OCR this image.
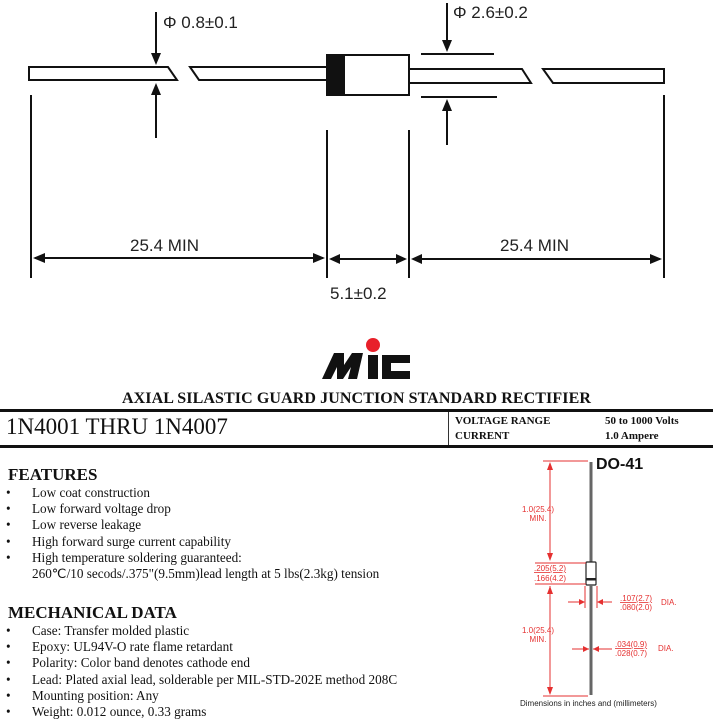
Φ 0.8±0.1
Φ 2.6±0.2
25.4 MIN	25.4 MIN
5.1±0.2
AXIAL SILASTIC GUARD JUNCTION STANDARD RECTIFIER
1N4001 THRU 1N4007	VOLTAGE RANGE	50 to 1000 Volts
CURRENT	1.0 Ampere
FEATURES
• Low coat construction
• Low forward voltage drop
• Low reverse leakage
• High forward surge current capability
• High temperature soldering guaranteed:
260℃/10 secods/.375"(9.5mm)lead length at 5 lbs(2.3kg) tension
MECHANICAL DATA
• Case: Transfer molded plastic
• Epoxy: UL94V-O rate flame retardant
• Polarity: Color band denotes cathode end
• Lead: Plated axial lead, solderable per MIL-STD-202E method 208C
• Mounting position: Any
• Weight: 0.012 ounce, 0.33 grams
DO-41
1.0(25.4)
MIN.
.205(5.2)
.166(4.2)
.107(2.7)
.080(2.0)
DIA.
1.0(25.4)
MIN.
.034(0.9)
.028(0.7)
DIA.
Dimensions in inches and (millimeters)
